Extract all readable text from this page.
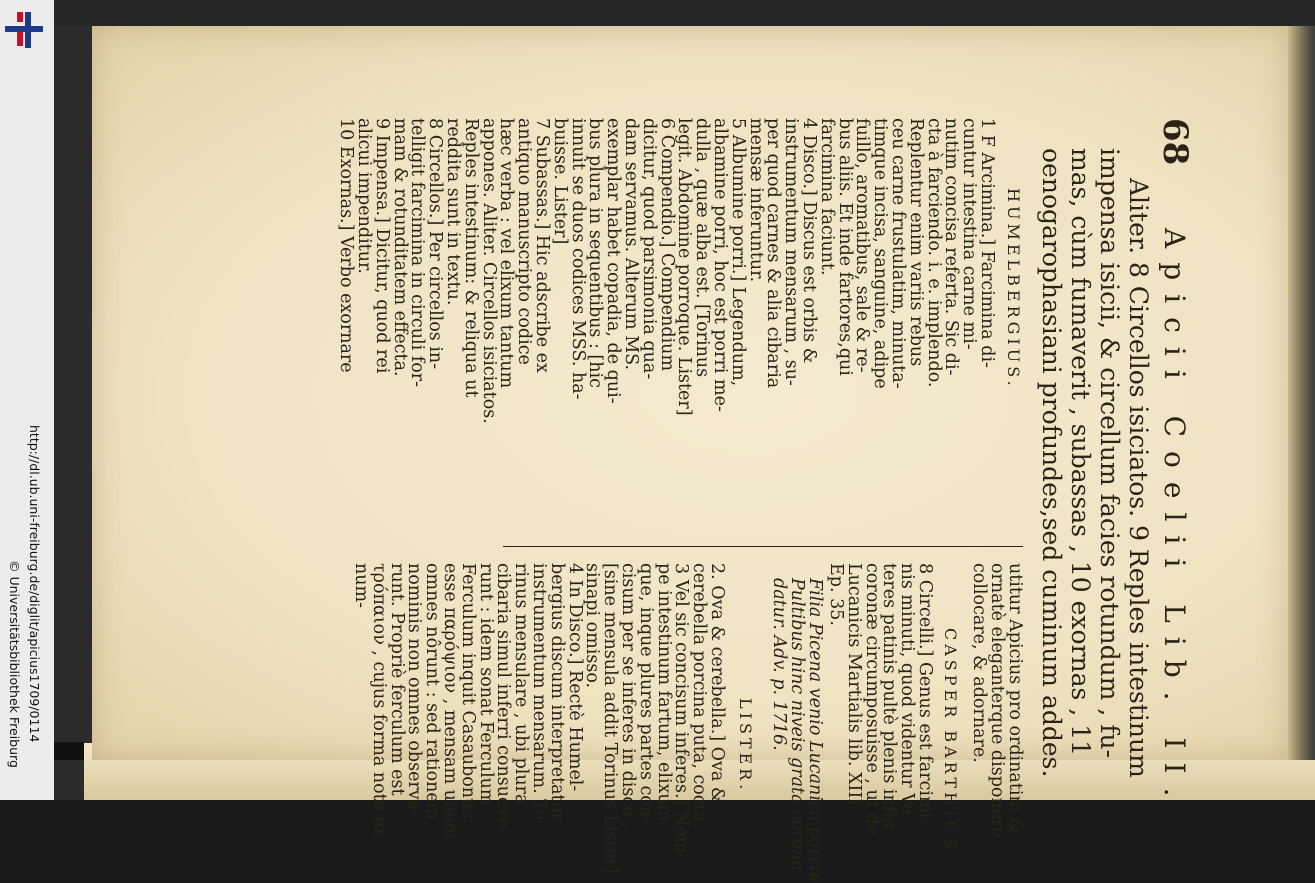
http://dl.ub.uni-freiburg.de/diglit/apicius1709/0114
© Universitätsbibliothek Freiburg
68
Apicii Coelii Lib. II.
Aliter. 8 Circellos isiciatos. 9 Reples intestinum
impensa isicii, & circellum facies rotundum , fu-
mas, cùm fumaverit , subassas , 10 exornas , 11
oenogarophasiani profundes,sed cuminum addes.
HUMELBERGIUS.
1 F Arcimina.] Farcimina di-
cuntur intestina carne mi-
nutim concisa referta. Sic di-
cta à farciendo. i. e. implendo.
Replentur enim variis rebus
ceu carne frustulatim, minuta-
timque incisa, sanguine, adipe
fuillo, aromatibus, sale & re-
bus aliis. Et inde fartores,qui
farcimina faciunt.
4 Disco.] Discus est orbis &
instrumentum mensarum , su-
per quod carnes & alia cibaria
mensæ inferuntur.
5 Albumine porri.] Legendum,
albamine porri, hoc est porri me-
dulla , quæ alba est. [Torinus
legit. Abdomine porroque. Lister]
6 Compendio.] Compendium
dicitur, quod parsimonia qua-
dam servamus. Alterum MS.
exemplar habet copadia, de qui-
bus plura in sequentibus : [hic
innuit se duos codices MSS. ha-
buisse. Lister]
7 Subassas.] Hic adscribe ex
antiquo manuscripto codice
hæc verba : vel elixum tantum
appones. Aliter. Circellos isiciatos.
Reples intestinum: & reliqua ut
reddita sunt in textu.
8 Circellos.] Per circellos in-
telligit farcimina in circuli for-
mam & rotunditatem effecta.
9 Impensa.] Dicitur, quod rei
alicui impenditur.
10 Exornas.] Verbo exornare
utitur Apicius pro ordinatim &
ornatè eleganterque disponere,
collocare, & adornare.
CASPER BARTHIUS.
8 Circelli.] Genus est farcimi-
nis minuti, quod videntur Ve-
teres patinis pultè plenis infar
coronæ circumposuisse , ut de
Lucanicis Martialis lib. XIII.
Ep. 35.
Filia Picena venio Lucanica porcæ
Pultibus hinc niveis grata corona
datur. Adv. p. 1716.
LISTER.
2. Ova & cerebella.] Ova &
cerebella porcina puta, cocta.
3 Vel sic concisum inferes.] Nem-
pe intestinum fartum, elixum-
que, inque plures partes con-
cisum per se inferes in disco ,
[sine mensula addit Torinus Lister]
sinapi omisso.
4 In Disco.] Rectè Humel-
bergius discum interpretatur
instrumentum mensarum. To-
rinus mensulare , ubi plura
cibaria simul inferri consueve-
runt : idem sonat Ferculum.
Ferculum inquit Casaubonus,
esse παρόψιον , mensam unam
omnes nôrunt : sed rationem
nominis non omnes observa-
runt. Propriè ferculum est
τρόπαιον , cujus forma nota ex
num-
